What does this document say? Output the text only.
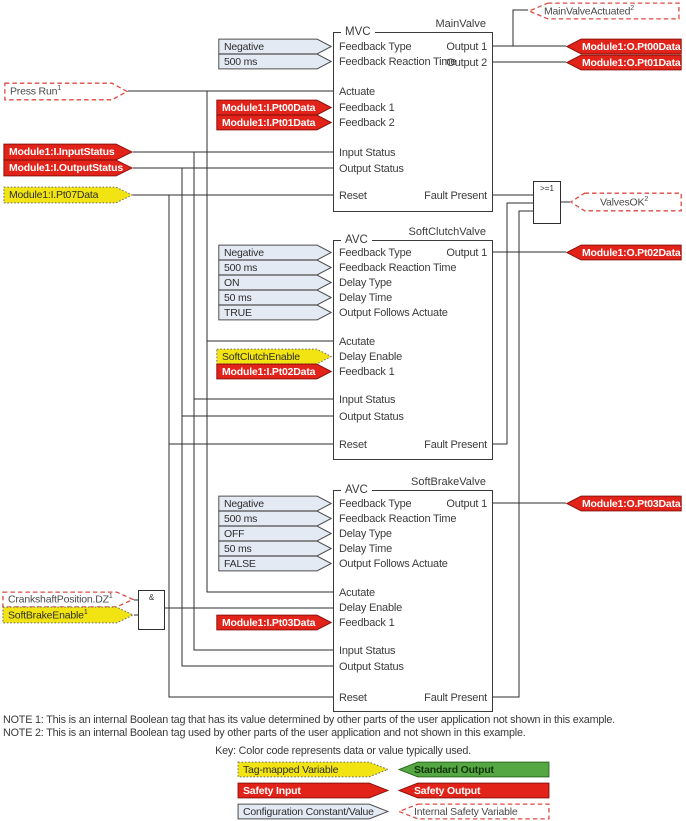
Press Run$^1$
Module1:I.InputStatus
Module1:I.OutputStatus
Module1:I.Pt07Data
$CrankshaftPosition.DZ^1$
SoftBrakeEnable$^1$
Module1:I.Pt00Data
Module1:I.Pt01Data
SoftClutchEnable
Module1:I.Pt02Data
Module1:I.Pt03Data
Negative
500 ms
Negative
500 ms
ON
50 ms
TRUE
Negative
500 ms
OFF
50 ms
FALSE
MainValveActuated$^2$
Module1:O.Pt00Data
Module1:O.Pt01Data
ValvesOK$^2$
Module1:O.Pt02Data
Module1:O.Pt03Data
MVC
MainValve
Feedback Type
Feedback Reaction Time
Actuate
Feedback 1
Feedback 2
Input Status
Output Status
Reset
Output 1
Output 2
Fault Present
AVC
SoftClutchValve
Feedback Type
Feedback Reaction Time
Delay Type
Delay Time
Output Follows Actuate
Acutate
Delay Enable
Feedback 1
Input Status
Output Status
Reset
Output 1
Fault Present
AVC
SoftBrakeValve
Feedback Type
Feedback Reaction Time
Delay Type
Delay Time
Output Follows Actuate
Acutate
Delay Enable
Feedback 1
Input Status
Output Status
Reset
Output 1
Fault Present
>=1
&
NOTE 1: This is an internal Boolean tag that has its value determined by other parts of the user application not shown in this example.
NOTE 2: This is an internal Boolean tag used by other parts of the user application and not shown in this example.
Key: Color code represents data or value typically used.
Tag-mapped Variable	Standard Output
Safety Input	Safety Output
Configuration Constant/Value	Internal Safety Variable
